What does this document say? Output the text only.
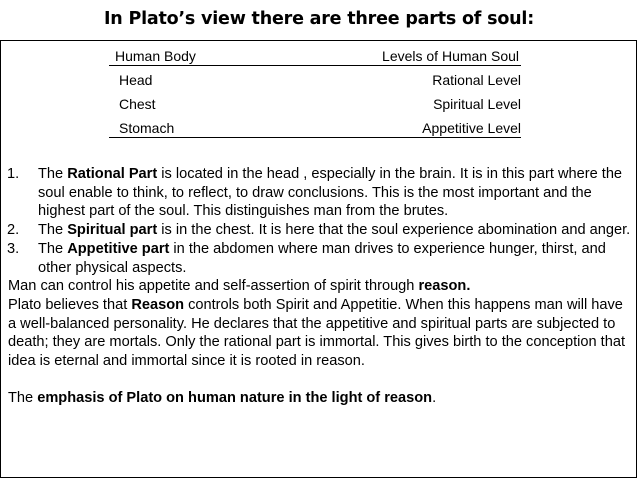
In Plato’s view there are three parts of soul:
Human Body	Levels of Human Soul
Head	Rational Level
Chest	Spiritual Level
Stomach	Appetitive Level
1. The Rational Part is located in the head , especially in the brain. It is in this part where the soul enable to think, to reflect, to draw conclusions. This is the most important and the highest part of the soul. This distinguishes man from the brutes.
2. The Spiritual part is in the chest. It is here that the soul experience abomination and anger.
3. The Appetitive part in the abdomen where man drives to experience hunger, thirst, and other physical aspects.
Man can control his appetite and self-assertion of spirit through reason.
Plato believes that Reason controls both Spirit and Appetitie. When this happens man will have a well-balanced personality. He declares that the appetitive and spiritual parts are subjected to death; they are mortals. Only the rational part is immortal. This gives birth to the conception that idea is eternal and immortal since it is rooted in reason.
The emphasis of Plato on human nature in the light of reason.
